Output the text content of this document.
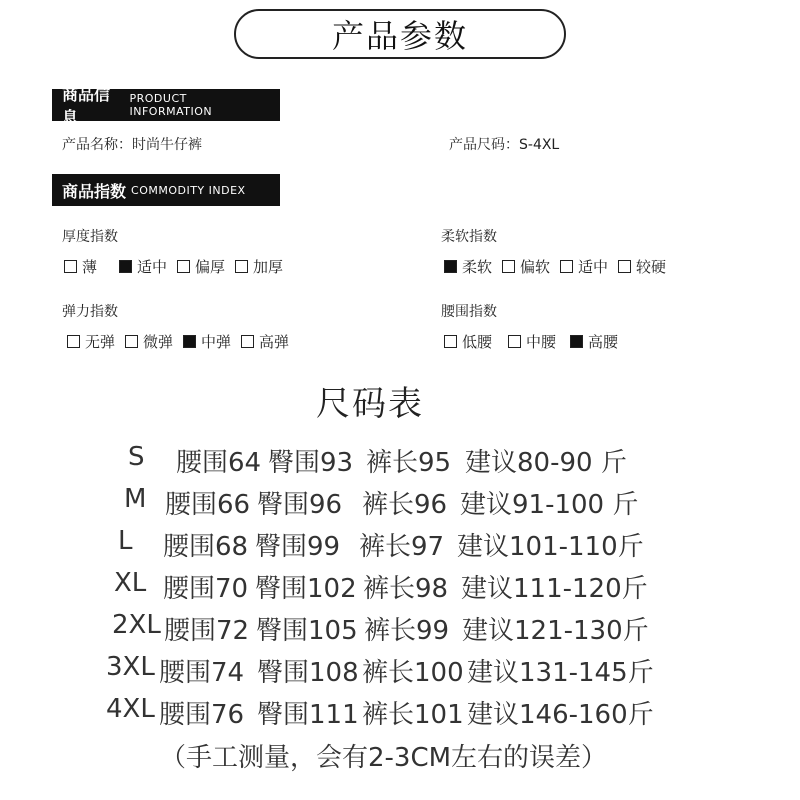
产品参数
商品信息
PRODUCT INFORMATION
产品名称：时尚牛仔裤	产品尺码：S-4XL
商品指数 COMMODITY INDEX
厚度指数
薄	适中 偏厚 加厚
柔软指数
柔软 偏软 适中 较硬
弹力指数
无弹 微弹 中弹 高弹
腰围指数
低腰 中腰 高腰
尺码表
S 腰围64 臀围93 裤长95 建议80-90 斤
M 腰围66 臀围96 裤长96 建议91-100 斤
L 腰围68 臀围99 裤长97 建议101-110斤
XL 腰围70 臀围102 裤长98 建议111-120斤
2XL 腰围72 臀围105 裤长99 建议121-130斤
3XL 腰围74 臀围108 裤长100 建议131-145斤
4XL 腰围76 臀围111 裤长101 建议146-160斤
（手工测量，会有2-3CM左右的误差）
